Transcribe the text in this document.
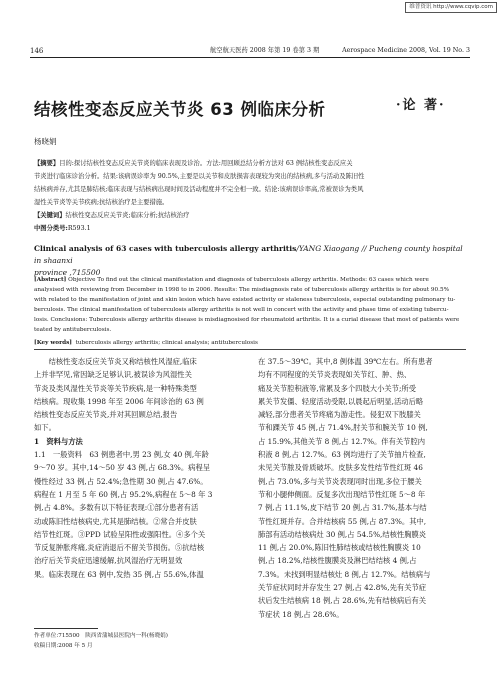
维普资讯 http://www.cqvip.com
146	航空航天医药 2008 年第 19 卷第 3 期	Aerospace Medicine 2008, Vol. 19 No. 3
·论 著·
结核性变态反应关节炎 63 例临床分析
杨晓娟

【摘要】目的:探讨结核性变态反应关节炎的临床表现及诊治。方法:用回顾总结分析方法对 63 例结核性变态反应关

节炎进行临床诊治分析。结果:该病误诊率为 90.5%,主要是以关节和皮肤损害表现较为突出的结核病,多与活动及陈旧性

结核病并存,尤其是肺结核;临床表现与结核病出现时间及活动程度并不完全相一致。结论:该病误诊率高,常被误诊为类风

湿性关节炎等关节疾病;抗结核治疗是主要措施。

【关键词】结核性变态反应关节炎;临床分析;抗结核治疗

中图分类号:R593.1

Clinical analysis of 63 cases with tuberculosis allergy arthritis/YANG Xiaogang // Pucheng county hospital in shaanxi

province ,715500

[Abstract] Objective To find out the clinical manifestation and diagnosis of tuberculosis allergy arthritis. Methods: 63 cases which were

analysised with reviewing from December in 1998 to in 2006. Results: The misdiagnosis rate of tuberculosis allergy arthritis is for about 90.5%

with related to the manifestation of joint and skin lesion which have existed activity or staleness tuberculosis, especial outstanding pulmonary tu-

berculosis. The clinical manifestation of tuberculosis allergy arthritis is not well in concert with the activity and phase time of existing tubercu-

losis. Conclusions: Tuberculosis allergy arthritis disease is misdiagnosised for rheumatoid arthritis. It is a curial disease that most of patients were

teated by antituberculosis.

[Key words] tuberculosis allergy arthritis; clinical analysis; antituberculosis

　　结核性变态反应关节炎又称结核性风湿症,临床

上并非罕见,常因缺乏足够认识,被误诊为风湿性关

节炎及类风湿性关节炎等关节疾病,是一种特殊类型

结核病。现收集 1998 年至 2006 年间诊治的 63 例

结核性变态反应关节炎,并对其回顾总结,报告

如下。

1　资料与方法

1.1　一般资料　63 例患者中,男 23 例,女 40 例,年龄

9～70 岁。其中,14～50 岁 43 例,占 68.3%。病程呈

慢性经过 33 例,占 52.4%;急性期 30 例,占 47.6%。

病程在 1 月至 5 年 60 例,占 95.2%,病程在 5～8 年 3

例,占 4.8%。多数有以下特征表现:①部分患者有活

动或陈旧性结核病史,尤其是肺结核。②常合并皮肤

结节性红斑。③PPD 试验呈阳性或强阳性。④多个关

节反复肿胀疼痛,炎症消退后不留关节损伤。⑤抗结核

治疗后关节炎症迅速缓解,抗风湿治疗无明显效

果。临床表现在 63 例中,发热 35 例,占 55.6%,体温

在 37.5～39℃。其中,8 例体温 39℃左右。所有患者

均有不同程度的关节炎表现如关节红、肿、热、

痛及关节腔积液等,常累及多个四肢大小关节;所受

累关节发僵、轻度活动受限,以晨起后明显,活动后略

减轻,部分患者关节疼痛为游走性。侵犯双下肢膝关

节和踝关节 45 例,占 71.4%,肘关节和腕关节 10 例,

占 15.9%,其他关节 8 例,占 12.7%。伴有关节腔内

积液 8 例,占 12.7%。63 例均进行了关节抽片检查,

未见关节脓及骨质破坏。皮肤多发性结节性红斑 46

例,占 73.0%,多与关节炎表现同时出现,多位于腰关

节和小腿伸侧面。反复多次出现结节性红斑 5～8 年

7 例,占 11.1%,皮下结节 20 例,占 31.7%,基本与结

节性红斑并存。合并结核病 55 例,占 87.3%。其中,

肺部有活动结核病灶 30 例,占 54.5%,结核性胸膜炎

11 例,占 20.0%,陈旧性肺结核或结核性胸膜炎 10

例,占 18.2%,结核性腹膜炎及淋巴结结核 4 例,占

7.3%。未找到明显结核灶 8 例,占 12.7%。结核病与

关节症状同时并存发生 27 例,占 42.8%,先有关节症

状后发生结核病 18 例,占 28.6%,先有结核病后有关

节症状 18 例,占 28.6%。

作者单位:715500　陕西省蒲城县医院内一科(杨晓娟)

收稿日期:2008 年 5 月
